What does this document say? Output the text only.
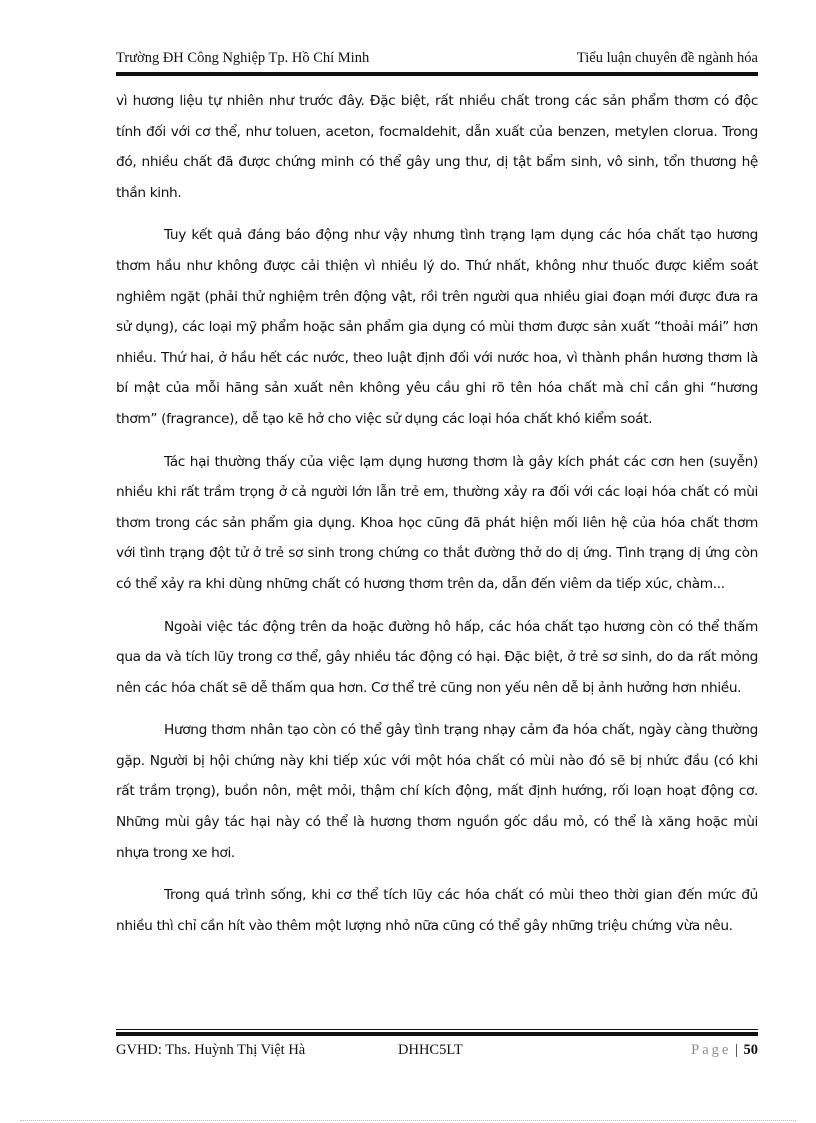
Trường ĐH Công Nghiệp Tp. Hồ Chí Minh	Tiểu luận chuyên đề ngành hóa

vì hương liệu tự nhiên như trước đây. Đặc biệt, rất nhiều chất trong các sản phẩm thơm có độc tính đối với cơ thể, như toluen, aceton, focmaldehit, dẫn xuất của benzen, metylen clorua. Trong đó, nhiều chất đã được chứng minh có thể gây ung thư, dị tật bẩm sinh, vô sinh, tổn thương hệ thần kinh.

Tuy kết quả đáng báo động như vậy nhưng tình trạng lạm dụng các hóa chất tạo hương thơm hầu như không được cải thiện vì nhiều lý do. Thứ nhất, không như thuốc được kiểm soát nghiêm ngặt (phải thử nghiệm trên động vật, rồi trên người qua nhiều giai đoạn mới được đưa ra sử dụng), các loại mỹ phẩm hoặc sản phẩm gia dụng có mùi thơm được sản xuất “thoải mái” hơn nhiều. Thứ hai, ở hầu hết các nước, theo luật định đối với nước hoa, vì thành phần hương thơm là bí mật của mỗi hãng sản xuất nên không yêu cầu ghi rõ tên hóa chất mà chỉ cần ghi “hương thơm” (fragrance), dễ tạo kẽ hở cho việc sử dụng các loại hóa chất khó kiểm soát.

Tác hại thường thấy của việc lạm dụng hương thơm là gây kích phát các cơn hen (suyễn) nhiều khi rất trầm trọng ở cả người lớn lẫn trẻ em, thường xảy ra đối với các loại hóa chất có mùi thơm trong các sản phẩm gia dụng. Khoa học cũng đã phát hiện mối liên hệ của hóa chất thơm với tình trạng đột tử ở trẻ sơ sinh trong chứng co thắt đường thở do dị ứng. Tình trạng dị ứng còn có thể xảy ra khi dùng những chất có hương thơm trên da, dẫn đến viêm da tiếp xúc, chàm...

Ngoài việc tác động trên da hoặc đường hô hấp, các hóa chất tạo hương còn có thể thấm qua da và tích lũy trong cơ thể, gây nhiều tác động có hại. Đặc biệt, ở trẻ sơ sinh, do da rất mỏng nên các hóa chất sẽ dễ thấm qua hơn. Cơ thể trẻ cũng non yếu nên dễ bị ảnh hưởng hơn nhiều.

Hương thơm nhân tạo còn có thể gây tình trạng nhạy cảm đa hóa chất, ngày càng thường gặp. Người bị hội chứng này khi tiếp xúc với một hóa chất có mùi nào đó sẽ bị nhức đầu (có khi rất trầm trọng), buồn nôn, mệt mỏi, thậm chí kích động, mất định hướng, rối loạn hoạt động cơ. Những mùi gây tác hại này có thể là hương thơm nguồn gốc dầu mỏ, có thể là xăng hoặc mùi nhựa trong xe hơi.

Trong quá trình sống, khi cơ thể tích lũy các hóa chất có mùi theo thời gian đến mức đủ nhiều thì chỉ cần hít vào thêm một lượng nhỏ nữa cũng có thể gây những triệu chứng vừa nêu.

GVHD: Ths. Huỳnh Thị Việt Hà	DHHC5LT	Page | 50
